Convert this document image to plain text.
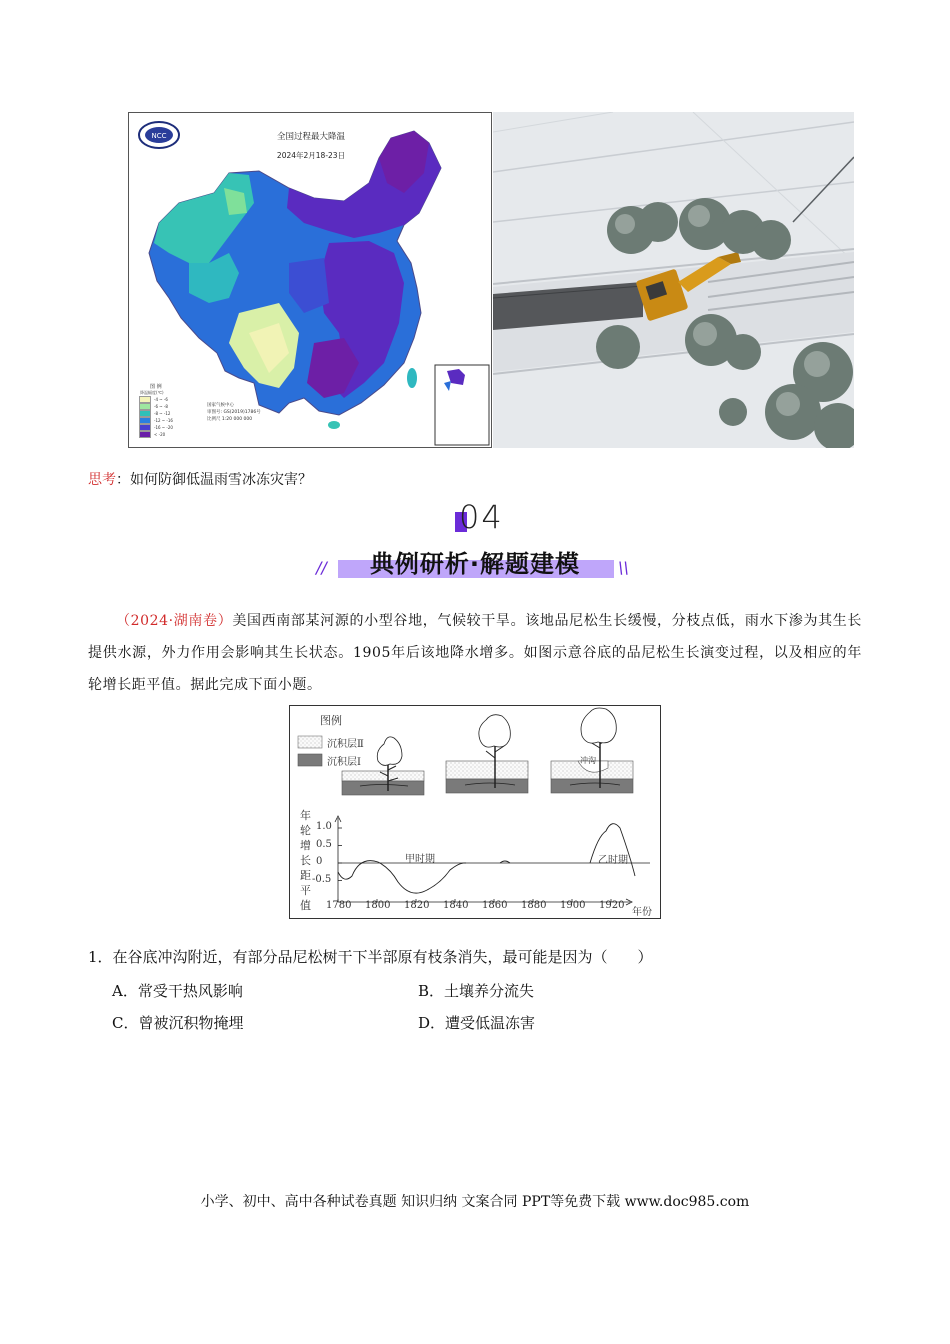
NCC	全国过程最大降温
2024年2月18-23日
图 例
降温幅度(℃)
-4 ~ -6
-6 ~ -8
-8 ~ -12
-12 ~ -16
-16 ~ -20
< -20
国家气候中心
审图号: GS(2019)1786号
比例尺 1:20 000 000
思考：如何防御低温雨雪冰冻灾害？
04
//	典例研析·解题建模	\\
（2024·湖南卷）美国西南部某河源的小型谷地，气候较干旱。该地品尼松生长缓慢，分枝点低，雨水下渗为其生长提供水源，外力作用会影响其生长状态。1905年后该地降水增多。如图示意谷底的品尼松生长演变过程，以及相应的年轮增长距平值。据此完成下面小题。
图例
沉积层Ⅱ
沉积层Ⅰ	冲沟
年
轮
增
长
距
平
值
1.0
0.5
0
-0.5
1780 1800 1820 1840 1860 1880 1900 1920
年份
甲时期	乙时期
1．在谷底冲沟附近，有部分品尼松树干下半部原有枝条消失，最可能是因为（　　）
A．常受干热风影响	B．土壤养分流失
C．曾被沉积物掩埋	D．遭受低温冻害
小学、初中、高中各种试卷真题 知识归纳 文案合同 PPT等免费下载 www.doc985.com
